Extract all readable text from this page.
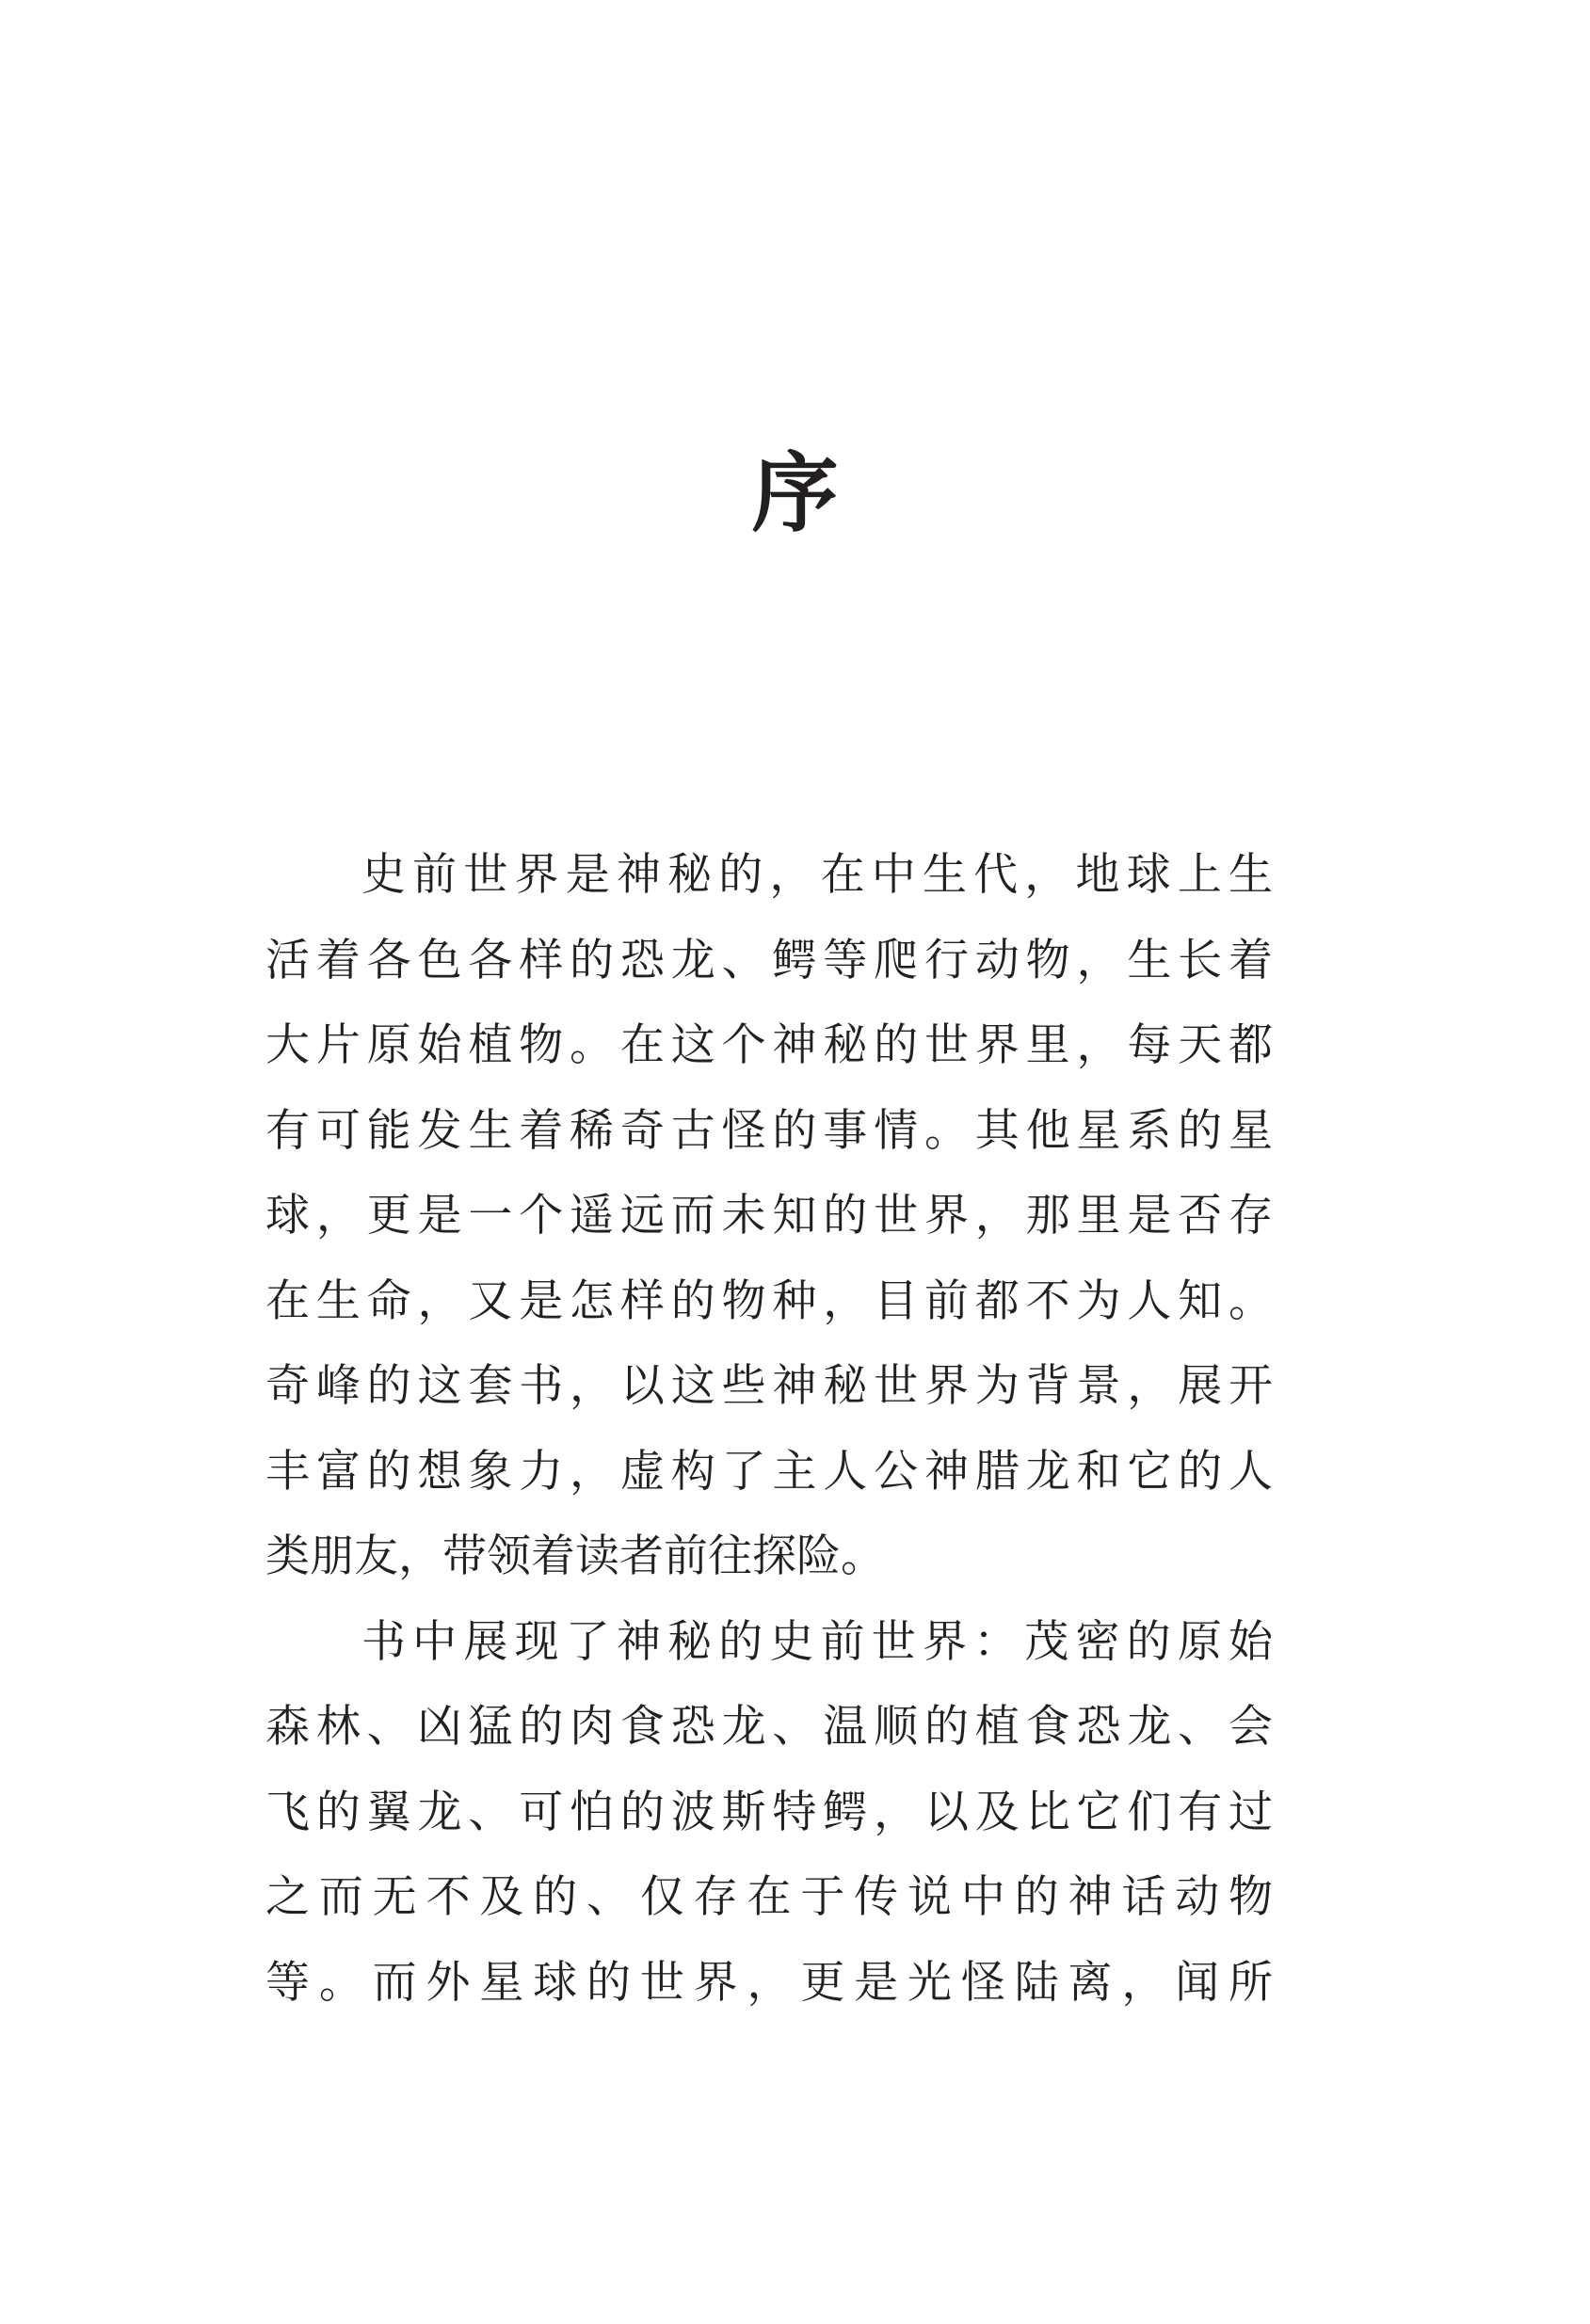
序
史前世界是神秘的，在中生代，地球上生
活着各色各样的恐龙、鳄等爬行动物，生长着
大片原始植物。在这个神秘的世界里，每天都
有可能发生着稀奇古怪的事情。其他星系的星
球，更是一个遥远而未知的世界，那里是否存
在生命，又是怎样的物种，目前都不为人知。
奇峰的这套书，以这些神秘世界为背景，展开
丰富的想象力，虚构了主人公神腊龙和它的人
类朋友，带领着读者前往探险。
书中展现了神秘的史前世界：茂密的原始
森林、凶猛的肉食恐龙、温顺的植食恐龙、会
飞的翼龙、可怕的波斯特鳄，以及比它们有过
之而无不及的、仅存在于传说中的神话动物
等。而外星球的世界，更是光怪陆离，闻所
